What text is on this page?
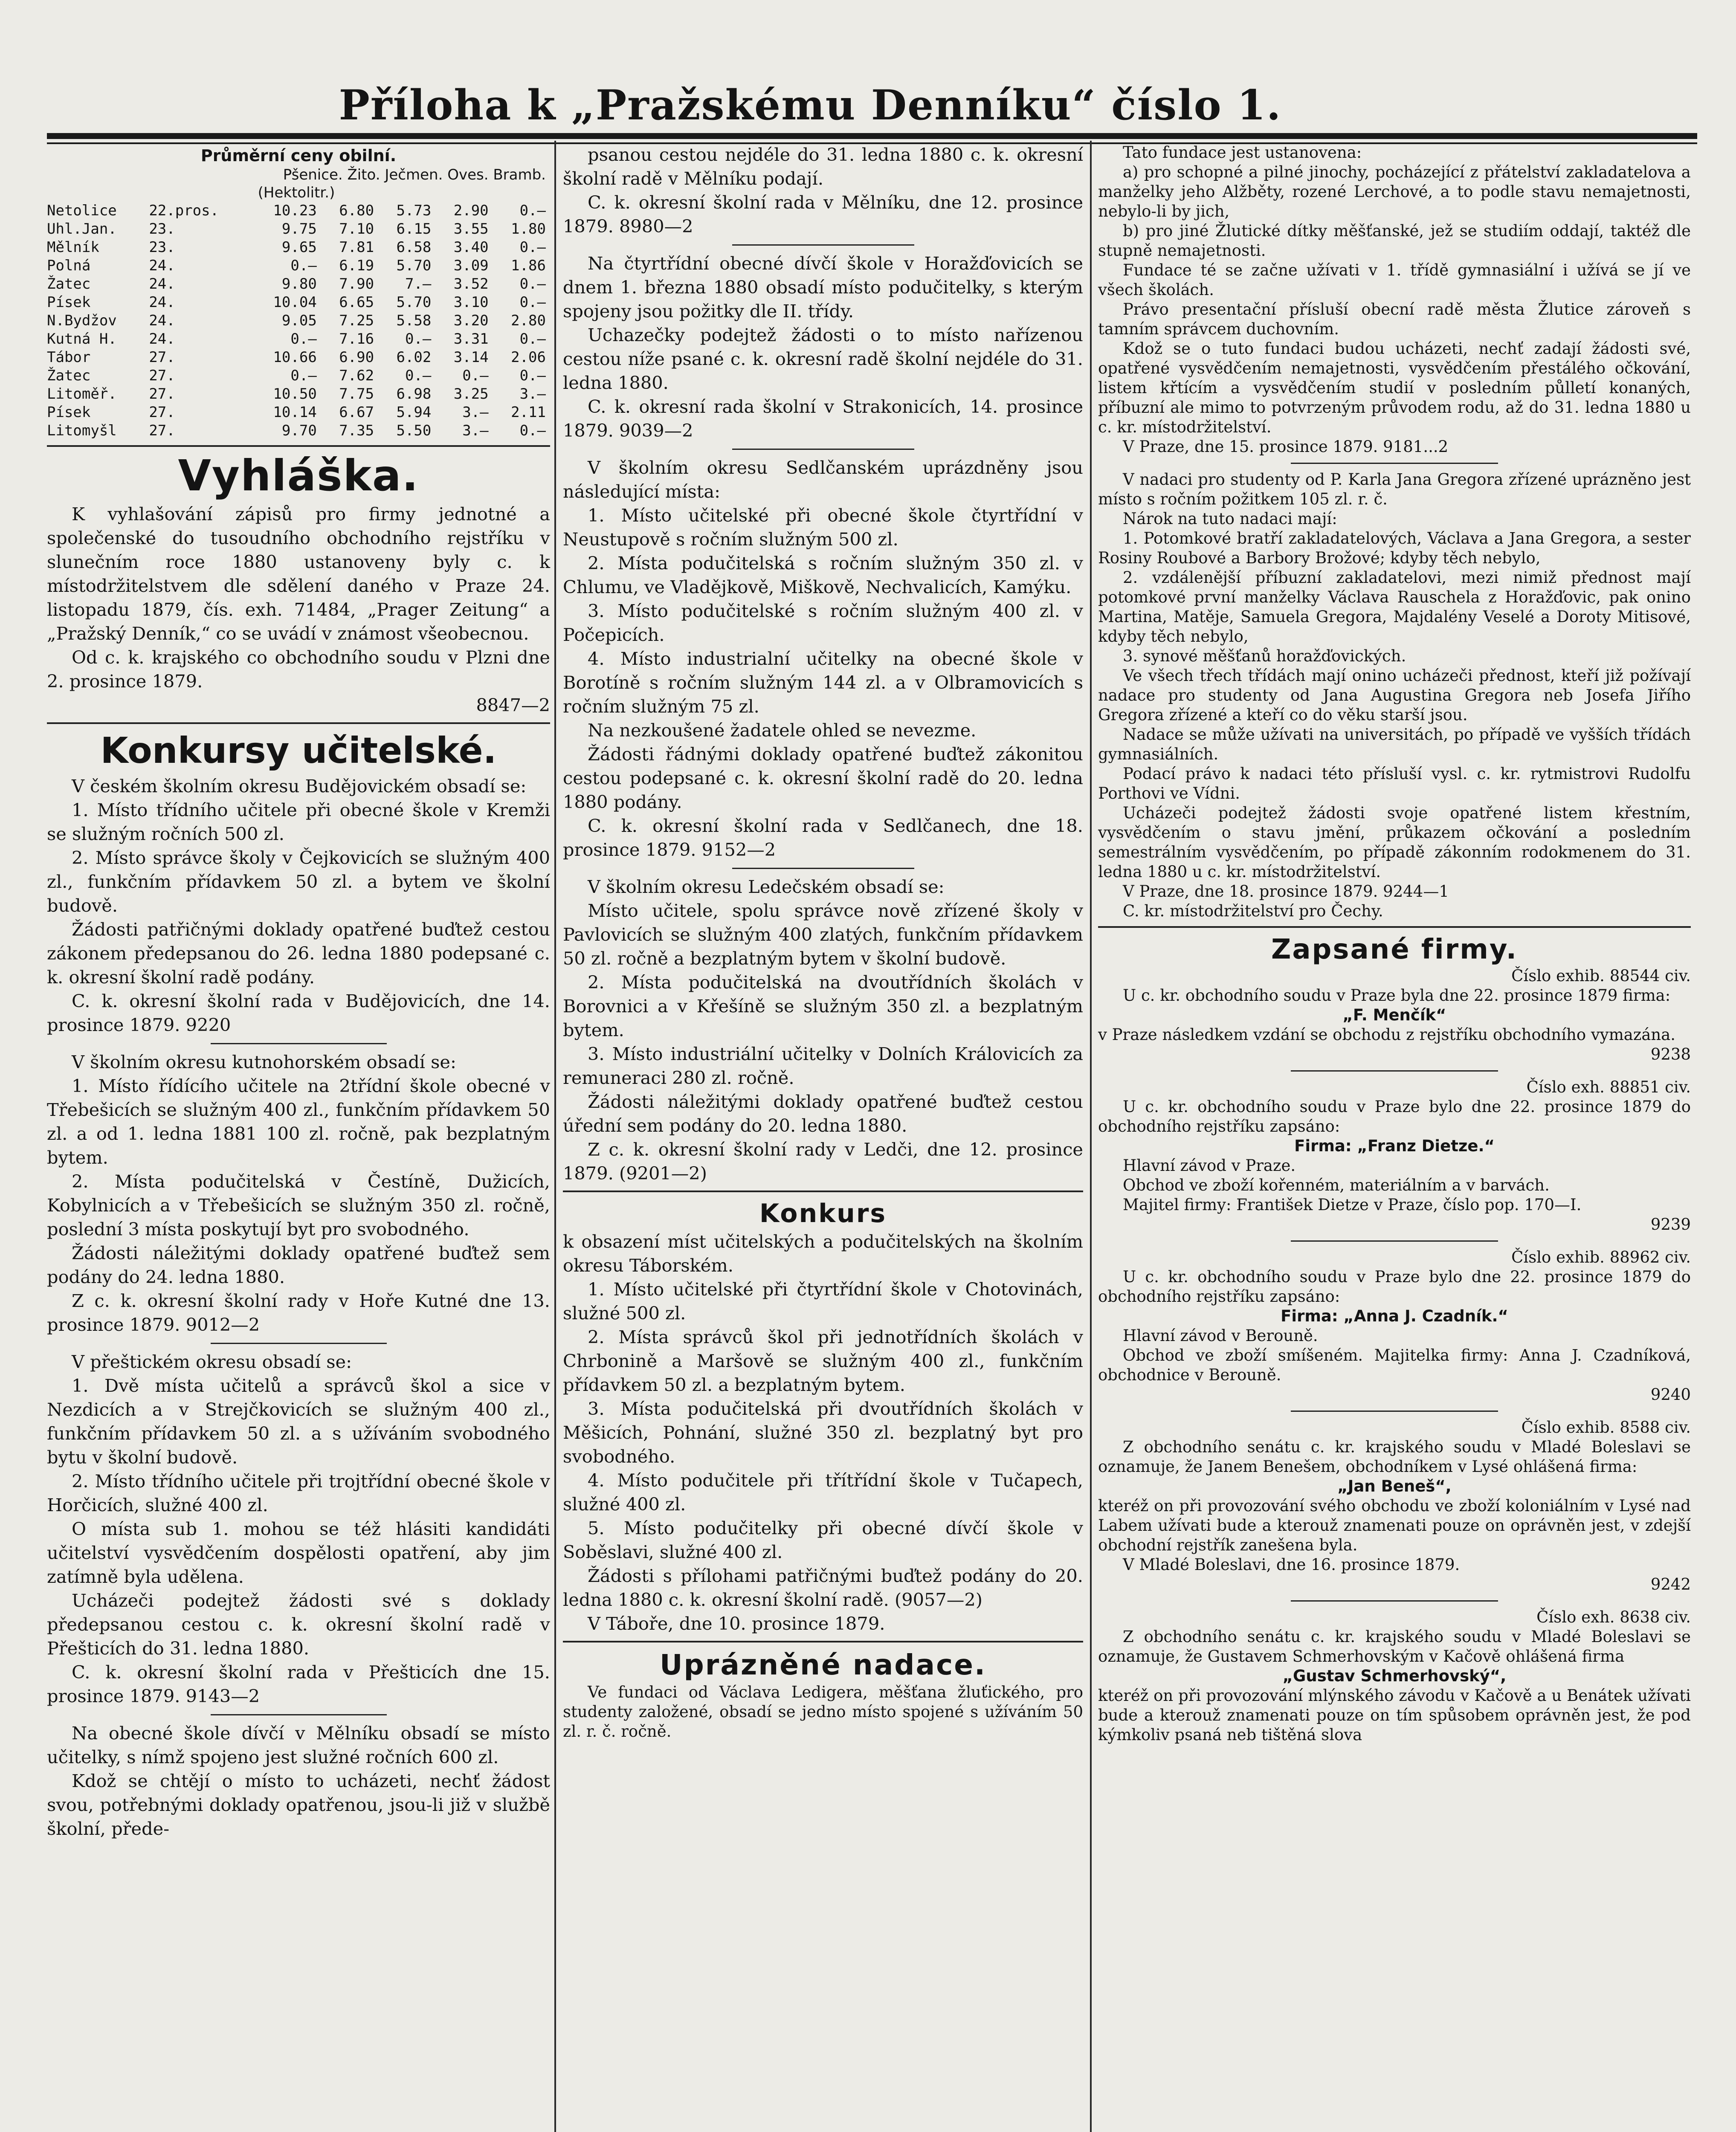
Příloha k „Pražskému Denníku“ číslo 1.
Průměrní ceny obilní.
Pšenice. Žito. Ječmen. Oves. Bramb.
(Hektolitr.)
Netolice	22.pros.	10.23	6.80	5.73	2.90	0.—
Uhl.Jan.	23.	9.75	7.10	6.15	3.55	1.80
Mělník	23.	9.65	7.81	6.58	3.40	0.—
Polná	24.	0.—	6.19	5.70	3.09	1.86
Žatec	24.	9.80	7.90	7.—	3.52	0.—
Písek	24.	10.04	6.65	5.70	3.10	0.—
N.Bydžov	24.	9.05	7.25	5.58	3.20	2.80
Kutná H.	24.	0.—	7.16	0.—	3.31	0.—
Tábor	27.	10.66	6.90	6.02	3.14	2.06
Žatec	27.	0.—	7.62	0.—	0.—	0.—
Litoměř.	27.	10.50	7.75	6.98	3.25	3.—
Písek	27.	10.14	6.67	5.94	3.—	2.11
Litomyšl	27.	9.70	7.35	5.50	3.—	0.—
Vyhláška.

K vyhlašování zápisů pro firmy jednotné a společenské do tusoudního obchodního rejstříku v slunečním roce 1880 ustanoveny byly c. k místodržitelstvem dle sdělení daného v Praze 24. listopadu 1879, čís. exh. 71484, „Prager Zeitung“ a „Pražský Denník,“ co se uvádí v známost všeobecnou.

Od c. k. krajského co obchodního soudu v Plzni dne 2. prosince 1879.

8847—2

Konkursy učitelské.

V českém školním okresu Budějovickém obsadí se:

1. Místo třídního učitele při obecné škole v Kremži se služným ročních 500 zl.

2. Místo správce školy v Čejkovicích se služným 400 zl., funkčním přídavkem 50 zl. a bytem ve školní budově.

Žádosti patřičnými doklady opatřené buďtež cestou zákonem předepsanou do 26. ledna 1880 podepsané c. k. okresní školní radě podány.

C. k. okresní školní rada v Budějovicích, dne 14. prosince 1879. 9220

V školním okresu kutnohorském obsadí se:

1. Místo řídícího učitele na 2třídní škole obecné v Třebešicích se služným 400 zl., funkčním přídavkem 50 zl. a od 1. ledna 1881 100 zl. ročně, pak bezplatným bytem.

2. Místa podučitelská v Čestíně, Dužicích, Kobylnicích a v Třebešicích se služným 350 zl. ročně, poslední 3 místa poskytují byt pro svobodného.

Žádosti náležitými doklady opatřené buďtež sem podány do 24. ledna 1880.

Z c. k. okresní školní rady v Hoře Kutné dne 13. prosince 1879. 9012—2

V přeštickém okresu obsadí se:

1. Dvě místa učitelů a správců škol a sice v Nezdicích a v Strejčkovicích se služným 400 zl., funkčním přídavkem 50 zl. a s užíváním svobodného bytu v školní budově.

2. Místo třídního učitele při trojtřídní obecné škole v Horčicích, služné 400 zl.

O místa sub 1. mohou se též hlásiti kandidáti učitelství vysvědčením dospělosti opatření, aby jim zatímně byla udělena.

Ucházeči podejtež žádosti své s doklady předepsanou cestou c. k. okresní školní radě v Přešticích do 31. ledna 1880.

C. k. okresní školní rada v Přešticích dne 15. prosince 1879. 9143—2

Na obecné škole dívčí v Mělníku obsadí se místo učitelky, s nímž spojeno jest služné ročních 600 zl.

Kdož se chtějí o místo to ucházeti, nechť žádost svou, potřebnými doklady opatřenou, jsou-li již v službě školní, přede-

psanou cestou nejdéle do 31. ledna 1880 c. k. okresní školní radě v Mělníku podají.

C. k. okresní školní rada v Mělníku, dne 12. prosince 1879. 8980—2

Na čtyrtřídní obecné dívčí škole v Horažďovicích se dnem 1. března 1880 obsadí místo podučitelky, s kterým spojeny jsou požitky dle II. třídy.

Uchazečky podejtež žádosti o to místo nařízenou cestou níže psané c. k. okresní radě školní nejdéle do 31. ledna 1880.

C. k. okresní rada školní v Strakonicích, 14. prosince 1879. 9039—2

V školním okresu Sedlčanském uprázdněny jsou následující místa:

1. Místo učitelské při obecné škole čtyrtřídní v Neustupově s ročním služným 500 zl.

2. Místa podučitelská s ročním služným 350 zl. v Chlumu, ve Vladějkově, Miškově, Nechvalicích, Kamýku.

3. Místo podučitelské s ročním služným 400 zl. v Počepicích.

4. Místo industrialní učitelky na obecné škole v Borotíně s ročním služným 144 zl. a v Olbramovicích s ročním služným 75 zl.

Na nezkoušené žadatele ohled se nevezme.

Žádosti řádnými doklady opatřené buďtež zákonitou cestou podepsané c. k. okresní školní radě do 20. ledna 1880 podány.

C. k. okresní školní rada v Sedlčanech, dne 18. prosince 1879. 9152—2

V školním okresu Ledečském obsadí se:

Místo učitele, spolu správce nově zřízené školy v Pavlovicích se služným 400 zlatých, funkčním přídavkem 50 zl. ročně a bezplatným bytem v školní budově.

2. Místa podučitelská na dvoutřídních školách v Borovnici a v Křešíně se služným 350 zl. a bezplatným bytem.

3. Místo industriální učitelky v Dolních Královicích za remuneraci 280 zl. ročně.

Žádosti náležitými doklady opatřené buďtež cestou úřední sem podány do 20. ledna 1880.

Z c. k. okresní školní rady v Ledči, dne 12. prosince 1879. (9201—2)

Konkurs

k obsazení míst učitelských a podučitelských na školním okresu Táborském.

1. Místo učitelské při čtyrtřídní škole v Chotovinách, služné 500 zl.

2. Místa správců škol při jednotřídních školách v Chrbonině a Maršově se služným 400 zl., funkčním přídavkem 50 zl. a bezplatným bytem.

3. Místa podučitelská při dvoutřídních školách v Měšicích, Pohnání, služné 350 zl. bezplatný byt pro svobodného.

4. Místo podučitele při třítřídní škole v Tučapech, služné 400 zl.

5. Místo podučitelky při obecné dívčí škole v Soběslavi, služné 400 zl.

Žádosti s přílohami patřičnými buďtež podány do 20. ledna 1880 c. k. okresní školní radě. (9057—2)

V Táboře, dne 10. prosince 1879.

Uprázněné nadace.

Ve fundaci od Václava Ledigera, měšťana žluťického, pro studenty založené, obsadí se jedno místo spojené s užíváním 50 zl. r. č. ročně.

Tato fundace jest ustanovena:

a) pro schopné a pilné jinochy, pocházející z přátelství zakladatelova a manželky jeho Alžběty, rozené Lerchové, a to podle stavu nemajetnosti, nebylo-li by jich,

b) pro jiné Žlutické dítky měšťanské, jež se studiím oddají, taktéž dle stupně nemajetnosti.

Fundace té se začne užívati v 1. třídě gymnasiální i užívá se jí ve všech školách.

Právo presentační přísluší obecní radě města Žlutice zároveň s tamním správcem duchovním.

Kdož se o tuto fundaci budou ucházeti, nechť zadají žádosti své, opatřené vysvědčením nemajetnosti, vysvědčením přestálého očkování, listem křtícím a vysvědčením studií v posledním půlletí konaných, příbuzní ale mimo to potvrzeným průvodem rodu, až do 31. ledna 1880 u c. kr. místodržitelství.

V Praze, dne 15. prosince 1879. 9181...2

V nadaci pro studenty od P. Karla Jana Gregora zřízené uprázněno jest místo s ročním požitkem 105 zl. r. č.

Nárok na tuto nadaci mají:

1. Potomkové bratří zakladatelových, Václava a Jana Gregora, a sester Rosiny Roubové a Barbory Brožové; kdyby těch nebylo,

2. vzdálenější příbuzní zakladatelovi, mezi nimiž přednost mají potomkové první manželky Václava Rauschela z Horažďovic, pak onino Martina, Matěje, Samuela Gregora, Majdalény Veselé a Doroty Mitisové, kdyby těch nebylo,

3. synové měšťanů horažďovických.

Ve všech třech třídách mají onino ucházeči přednost, kteří již požívají nadace pro studenty od Jana Augustina Gregora neb Josefa Jiřího Gregora zřízené a kteří co do věku starší jsou.

Nadace se může užívati na universitách, po případě ve vyšších třídách gymnasiálních.

Podací právo k nadaci této přísluší vysl. c. kr. rytmistrovi Rudolfu Porthovi ve Vídni.

Ucházeči podejtež žádosti svoje opatřené listem křestním, vysvědčením o stavu jmění, průkazem očkování a posledním semestrálním vysvědčením, po případě zákonním rodokmenem do 31. ledna 1880 u c. kr. místodržitelství.

V Praze, dne 18. prosince 1879. 9244—1

C. kr. místodržitelství pro Čechy.

Zapsané firmy.

Číslo exhib. 88544 civ.

U c. kr. obchodního soudu v Praze byla dne 22. prosince 1879 firma:

„F. Menčík“

v Praze následkem vzdání se obchodu z rejstříku obchodního vymazána.

9238

Číslo exh. 88851 civ.

U c. kr. obchodního soudu v Praze bylo dne 22. prosince 1879 do obchodního rejstříku zapsáno:

Firma: „Franz Dietze.“

Hlavní závod v Praze.

Obchod ve zboží kořenném, materiálním a v barvách.

Majitel firmy: František Dietze v Praze, číslo pop. 170—I.

9239

Číslo exhib. 88962 civ.

U c. kr. obchodního soudu v Praze bylo dne 22. prosince 1879 do obchodního rejstříku zapsáno:

Firma: „Anna J. Czadník.“

Hlavní závod v Berouně.

Obchod ve zboží smíšeném. Majitelka firmy: Anna J. Czadníková, obchodnice v Berouně.

9240

Číslo exhib. 8588 civ.

Z obchodního senátu c. kr. krajského soudu v Mladé Boleslavi se oznamuje, že Janem Benešem, obchodníkem v Lysé ohlášená firma:

„Jan Beneš“,

kteréž on při provozování svého obchodu ve zboží koloniálním v Lysé nad Labem užívati bude a kterouž znamenati pouze on oprávněn jest, v zdejší obchodní rejstřík zanešena byla.

V Mladé Boleslavi, dne 16. prosince 1879.

9242

Číslo exh. 8638 civ.

Z obchodního senátu c. kr. krajského soudu v Mladé Boleslavi se oznamuje, že Gustavem Schmerhovským v Kačově ohlášená firma

„Gustav Schmerhovský“,

kteréž on při provozování mlýnského závodu v Kačově a u Benátek užívati bude a kterouž znamenati pouze on tím spůsobem oprávněn jest, že pod kýmkoliv psaná neb tištěná slova
